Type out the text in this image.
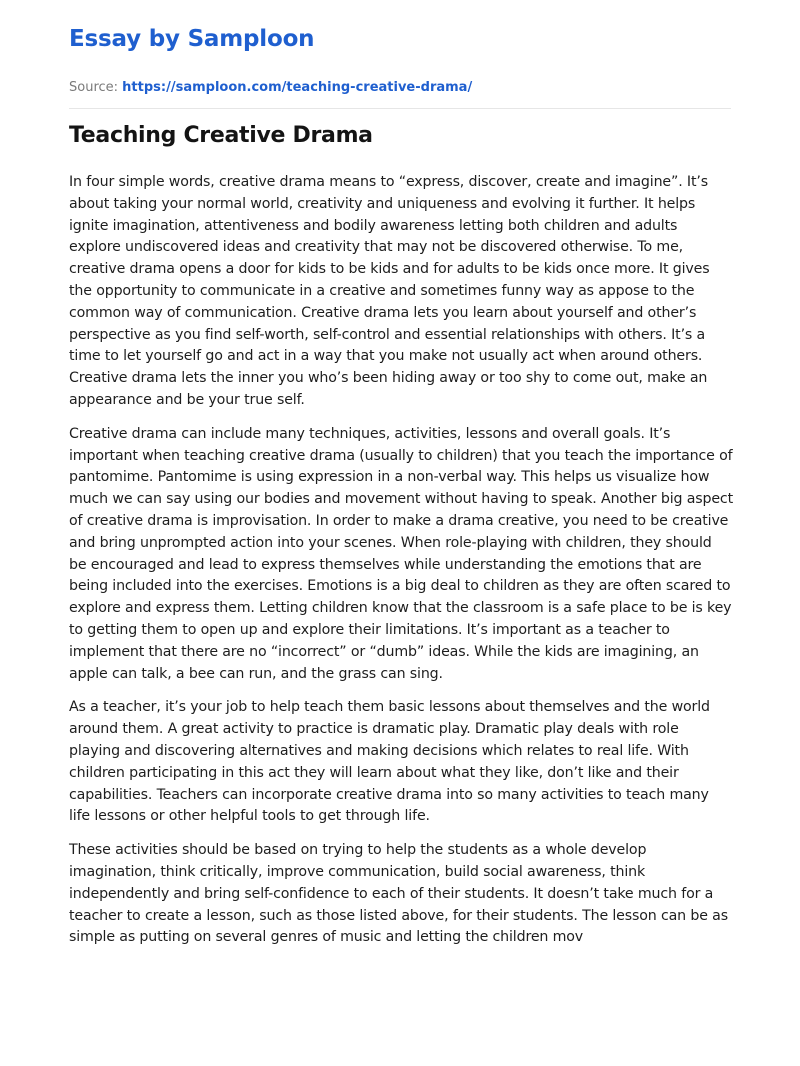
Essay by Samploon
Source: https://samploon.com/teaching-creative-drama/
Teaching Creative Drama

In four simple words, creative drama means to “express, discover, create and imagine”. It’s about taking your normal world, creativity and uniqueness and evolving it further. It helps ignite imagination, attentiveness and bodily awareness letting both children and adults explore undiscovered ideas and creativity that may not be discovered otherwise. To me, creative drama opens a door for kids to be kids and for adults to be kids once more. It gives the opportunity to communicate in a creative and sometimes funny way as appose to the common way of communication. Creative drama lets you learn about yourself and other’s perspective as you find self-worth, self-control and essential relationships with others. It’s a time to let yourself go and act in a way that you make not usually act when around others. Creative drama lets the inner you who’s been hiding away or too shy to come out, make an appearance and be your true self.

Creative drama can include many techniques, activities, lessons and overall goals. It’s important when teaching creative drama (usually to children) that you teach the importance of pantomime. Pantomime is using expression in a non-verbal way. This helps us visualize how much we can say using our bodies and movement without having to speak. Another big aspect of creative drama is improvisation. In order to make a drama creative, you need to be creative and bring unprompted action into your scenes. When role-playing with children, they should be encouraged and lead to express themselves while understanding the emotions that are being included into the exercises. Emotions is a big deal to children as they are often scared to explore and express them. Letting children know that the classroom is a safe place to be is key to getting them to open up and explore their limitations. It’s important as a teacher to implement that there are no “incorrect” or “dumb” ideas. While the kids are imagining, an apple can talk, a bee can run, and the grass can sing.

As a teacher, it’s your job to help teach them basic lessons about themselves and the world around them. A great activity to practice is dramatic play. Dramatic play deals with role playing and discovering alternatives and making decisions which relates to real life. With children participating in this act they will learn about what they like, don’t like and their capabilities. Teachers can incorporate creative drama into so many activities to teach many life lessons or other helpful tools to get through life.

These activities should be based on trying to help the students as a whole develop imagination, think critically, improve communication, build social awareness, think independently and bring self-confidence to each of their students. It doesn’t take much for a teacher to create a lesson, such as those listed above, for their students. The lesson can be as simple as putting on several genres of music and letting the children mov
